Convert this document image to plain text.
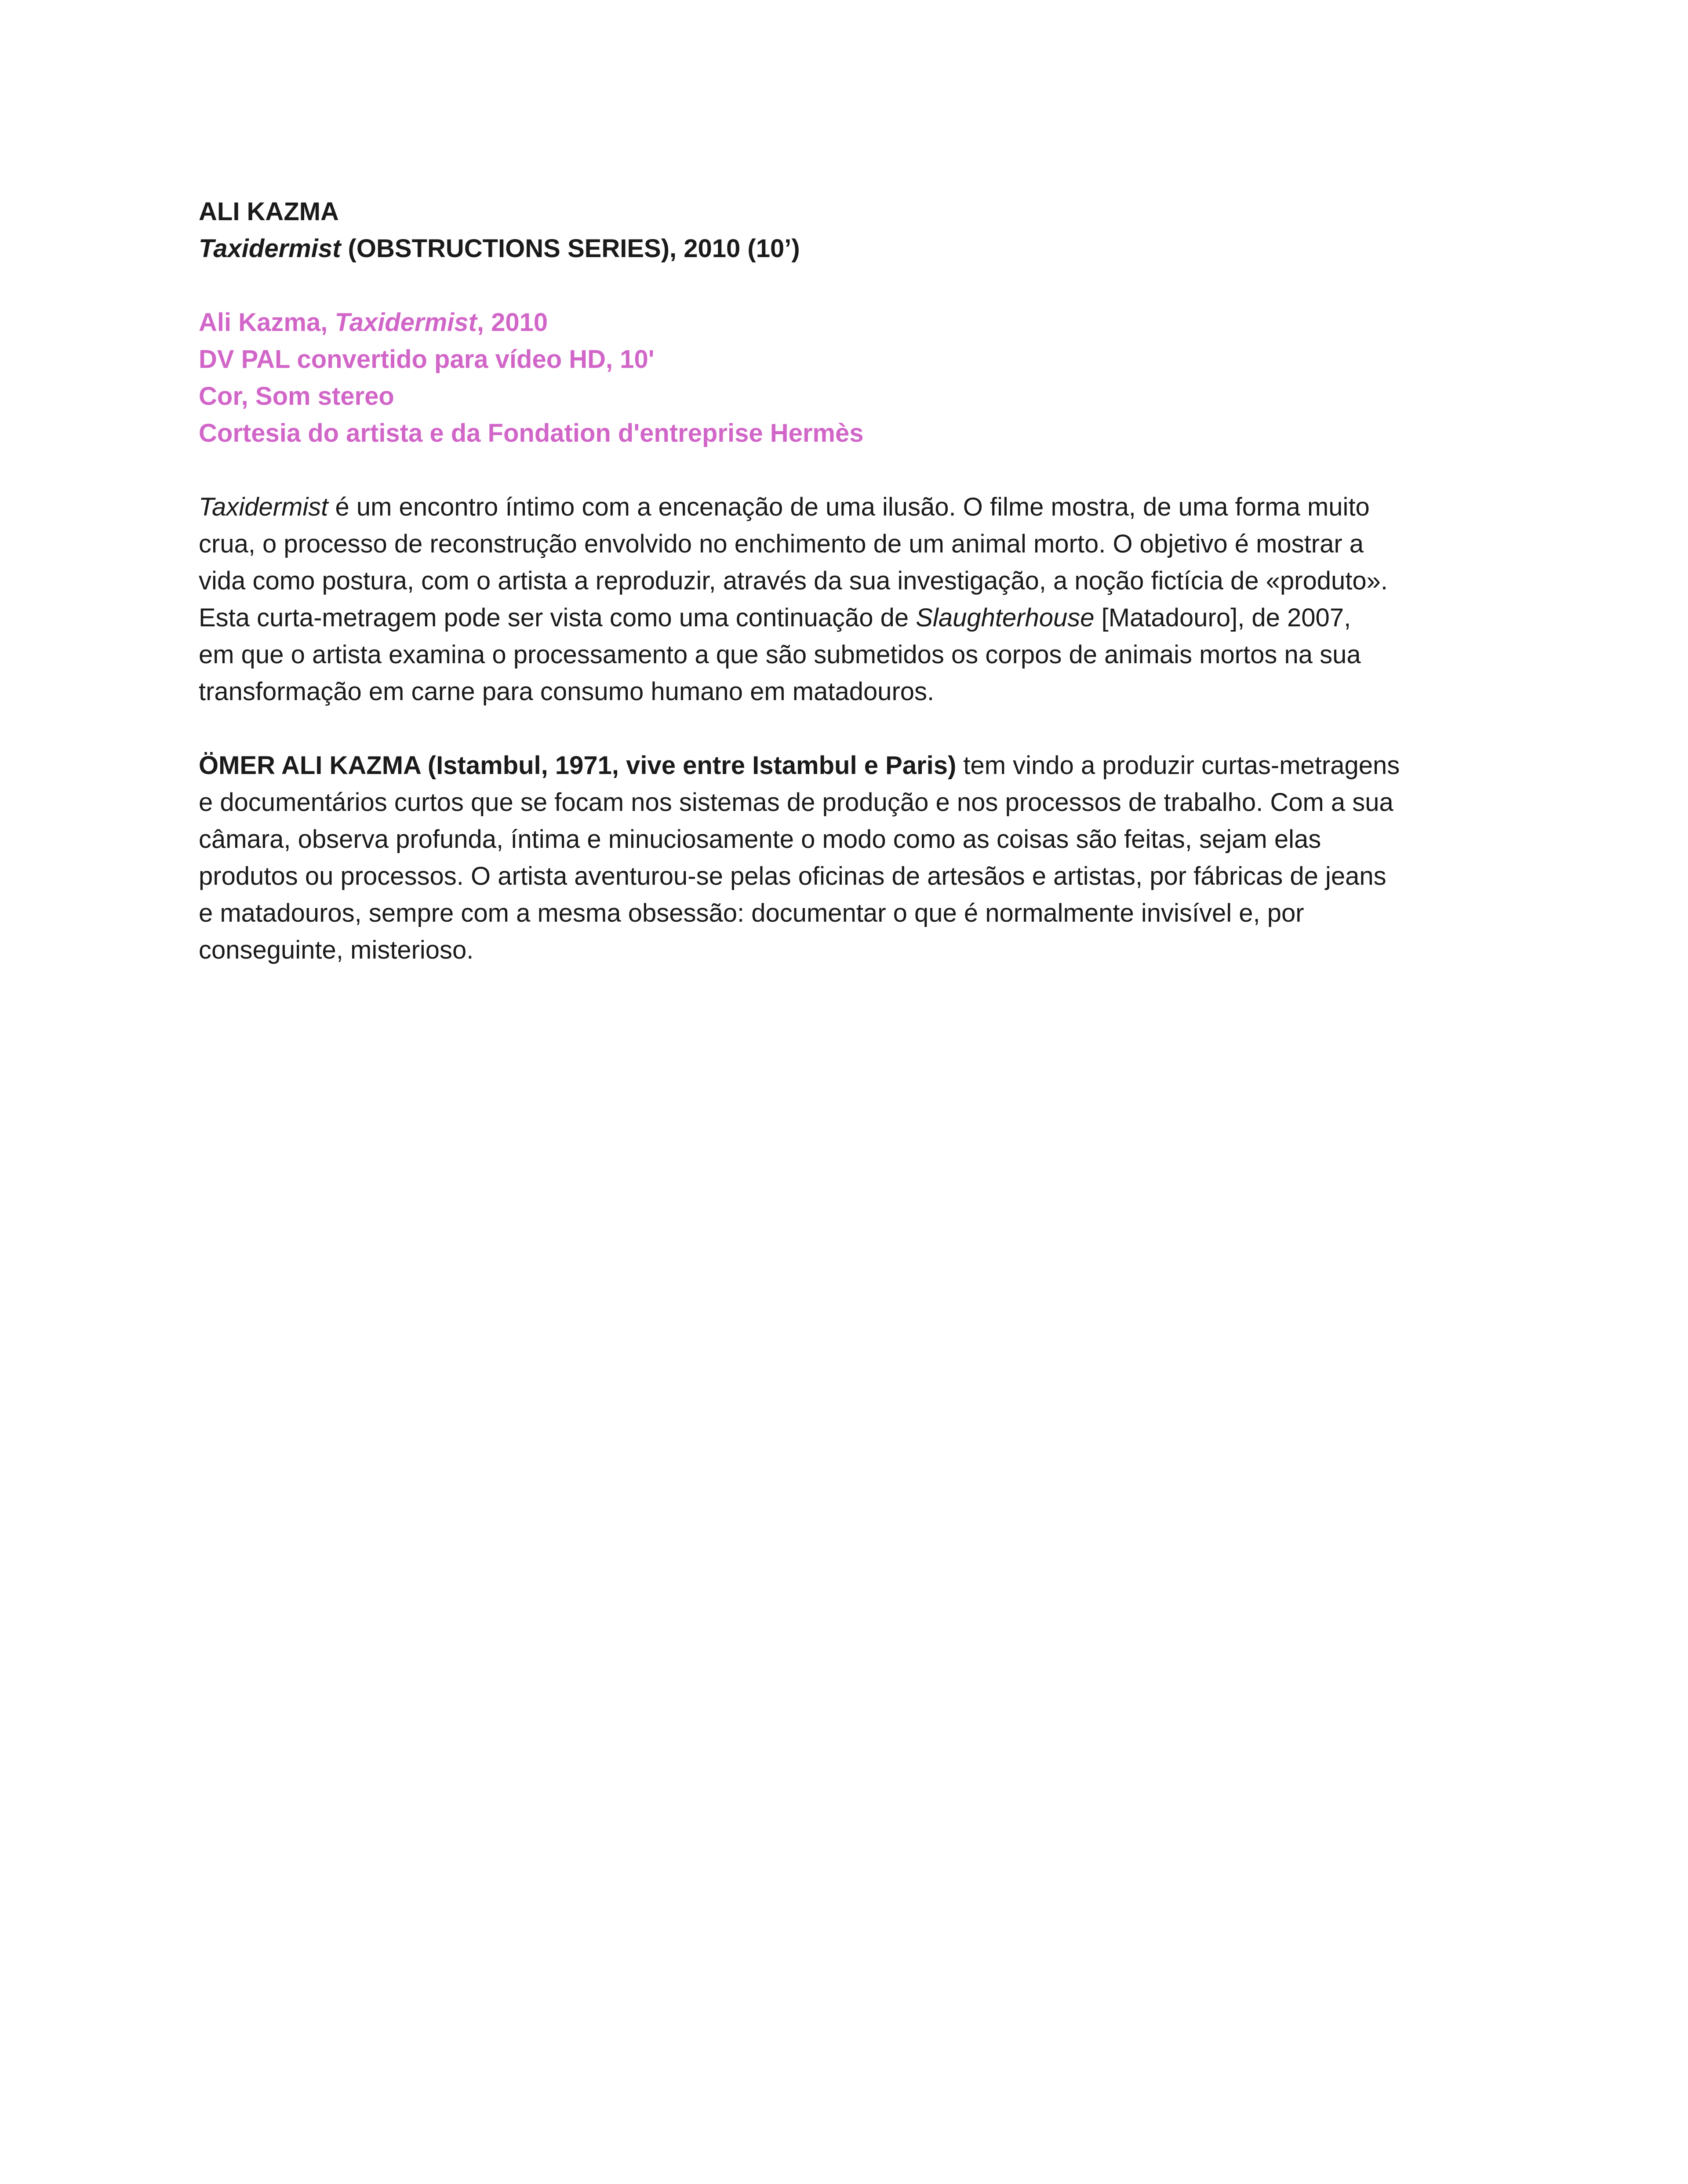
ALI KAZMA

Taxidermist (OBSTRUCTIONS SERIES), 2010 (10’)

Ali Kazma, Taxidermist, 2010

DV PAL convertido para vídeo HD, 10'

Cor, Som stereo

Cortesia do artista e da Fondation d'entreprise Hermès

Taxidermist é um encontro íntimo com a encenação de uma ilusão. O filme mostra, de uma forma muito
crua, o processo de reconstrução envolvido no enchimento de um animal morto. O objetivo é mostrar a
vida como postura, com o artista a reproduzir, através da sua investigação, a noção fictícia de «produto».
Esta curta-metragem pode ser vista como uma continuação de Slaughterhouse [Matadouro], de 2007,
em que o artista examina o processamento a que são submetidos os corpos de animais mortos na sua
transformação em carne para consumo humano em matadouros.

ÖMER ALI KAZMA (Istambul, 1971, vive entre Istambul e Paris) tem vindo a produzir curtas-metragens
e documentários curtos que se focam nos sistemas de produção e nos processos de trabalho. Com a sua
câmara, observa profunda, íntima e minuciosamente o modo como as coisas são feitas, sejam elas
produtos ou processos. O artista aventurou-se pelas oficinas de artesãos e artistas, por fábricas de jeans
e matadouros, sempre com a mesma obsessão: documentar o que é normalmente invisível e, por
conseguinte, misterioso.
